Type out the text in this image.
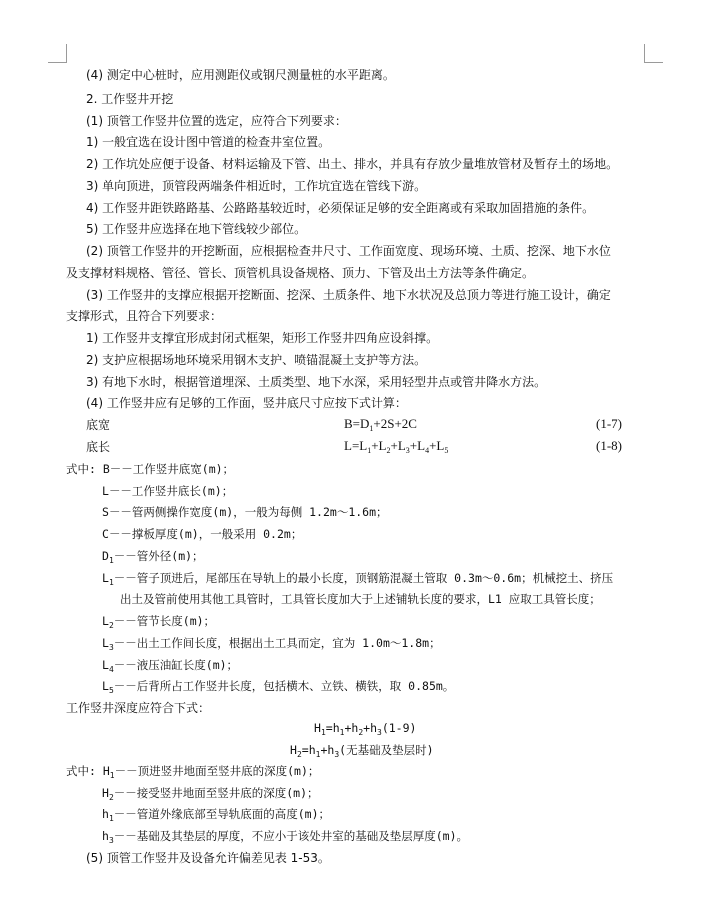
(4) 测定中心桩时，应用测距仪或钢尺测量桩的水平距离。
2. 工作竖井开挖
(1) 顶管工作竖井位置的选定，应符合下列要求：
1) 一般宜选在设计图中管道的检查井室位置。
2) 工作坑处应便于设备、材料运输及下管、出土、排水，并具有存放少量堆放管材及暂存土的场地。
3) 单向顶进，顶管段两端条件相近时，工作坑宜选在管线下游。
4) 工作竖井距铁路路基、公路路基较近时，必须保证足够的安全距离或有采取加固措施的条件。
5) 工作竖井应选择在地下管线较少部位。
(2) 顶管工作竖井的开挖断面，应根据检查井尺寸、工作面宽度、现场环境、土质、挖深、地下水位
及支撑材料规格、管径、管长、顶管机具设备规格、顶力、下管及出土方法等条件确定。
(3) 工作竖井的支撑应根据开挖断面、挖深、土质条件、地下水状况及总顶力等进行施工设计，确定
支撑形式，且符合下列要求：
1) 工作竖井支撑宜形成封闭式框架，矩形工作竖井四角应设斜撑。
2) 支护应根据场地环境采用钢木支护、喷锚混凝土支护等方法。
3) 有地下水时，根据管道埋深、土质类型、地下水深，采用轻型井点或管井降水方法。
(4) 工作竖井应有足够的工作面，竖井底尺寸应按下式计算：
底宽	$B=D_1+2S+2C$	(1-7)
底长	$L=L_1+L_2+L_3+L_4+L_5$	(1-8)
式中: B－－工作竖井底宽(m)；
L－－工作竖井底长(m)；
S－－管两侧操作宽度(m)，一般为每侧 1.2m～1.6m；
C－－撑板厚度(m)，一般采用 0.2m；
$D_1--$管外径(m)；
$L_1--$管子顶进后，尾部压在导轨上的最小长度，顶钢筋混凝土管取 0.3m～0.6m；机械挖土、挤压
出土及管前使用其他工具管时，工具管长度加大于上述铺轨长度的要求，L1 应取工具管长度；
$L_2--$管节长度(m)；
$L_3--$出土工作间长度，根据出土工具而定，宜为 1.0m～1.8m；
$L_4--$液压油缸长度(m)；
$L_5--$后背所占工作竖井长度，包括横木、立铁、横铁，取 0.85m。
工作竖井深度应符合下式：
$H_1=h_1+h_2+h_3(1-9)$
$H_2=h_1+h_3$(无基础及垫层时)
式中: $H_1--$顶进竖井地面至竖井底的深度(m)；
$H_2--$接受竖井地面至竖井底的深度(m)；
$h_1--$管道外缘底部至导轨底面的高度(m)；
$h_3--$基础及其垫层的厚度，不应小于该处井室的基础及垫层厚度(m)。
(5) 顶管工作竖井及设备允许偏差见表 1-53。
